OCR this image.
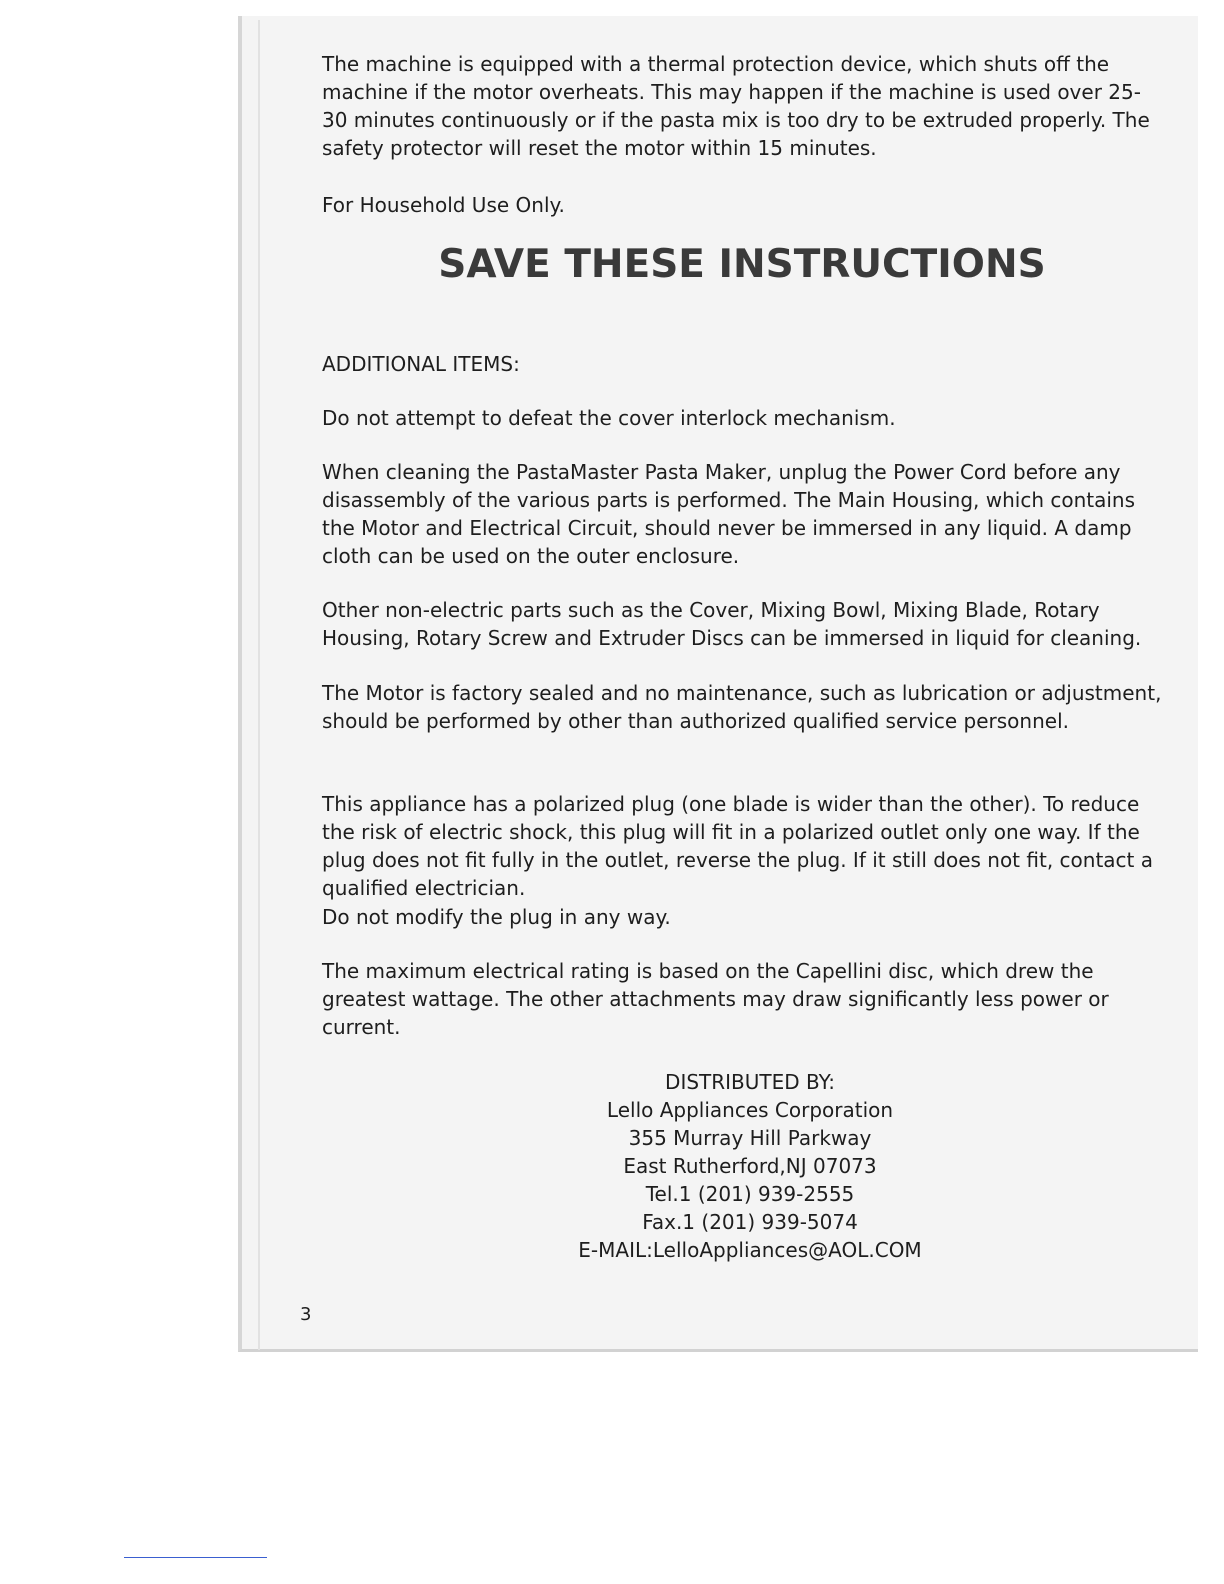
The machine is equipped with a thermal protection device, which shuts off the machine if the motor overheats. This may happen if the machine is used over 25-30 minutes continuously or if the pasta mix is too dry to be extruded properly. The safety protector will reset the motor within 15 minutes.

For Household Use Only.

SAVE THESE INSTRUCTIONS

ADDITIONAL ITEMS:

Do not attempt to defeat the cover interlock mechanism.

When cleaning the PastaMaster Pasta Maker, unplug the Power Cord before any disassembly of the various parts is performed. The Main Housing, which contains the Motor and Electrical Circuit, should never be immersed in any liquid. A damp cloth can be used on the outer enclosure.

Other non-electric parts such as the Cover, Mixing Bowl, Mixing Blade, Rotary Housing, Rotary Screw and Extruder Discs can be immersed in liquid for cleaning.

The Motor is factory sealed and no maintenance, such as lubrication or adjustment, should be performed by other than authorized qualified service personnel.

This appliance has a polarized plug (one blade is wider than the other). To reduce the risk of electric shock, this plug will fit in a polarized outlet only one way. If the plug does not fit fully in the outlet, reverse the plug. If it still does not fit, contact a qualified electrician.

Do not modify the plug in any way.

The maximum electrical rating is based on the Capellini disc, which drew the greatest wattage. The other attachments may draw significantly less power or current.

DISTRIBUTED BY:
Lello Appliances Corporation
355 Murray Hill Parkway
East Rutherford,NJ 07073
Tel.1 (201) 939-2555
Fax.1 (201) 939-5074
E-MAIL:LelloAppliances@AOL.COM
3
